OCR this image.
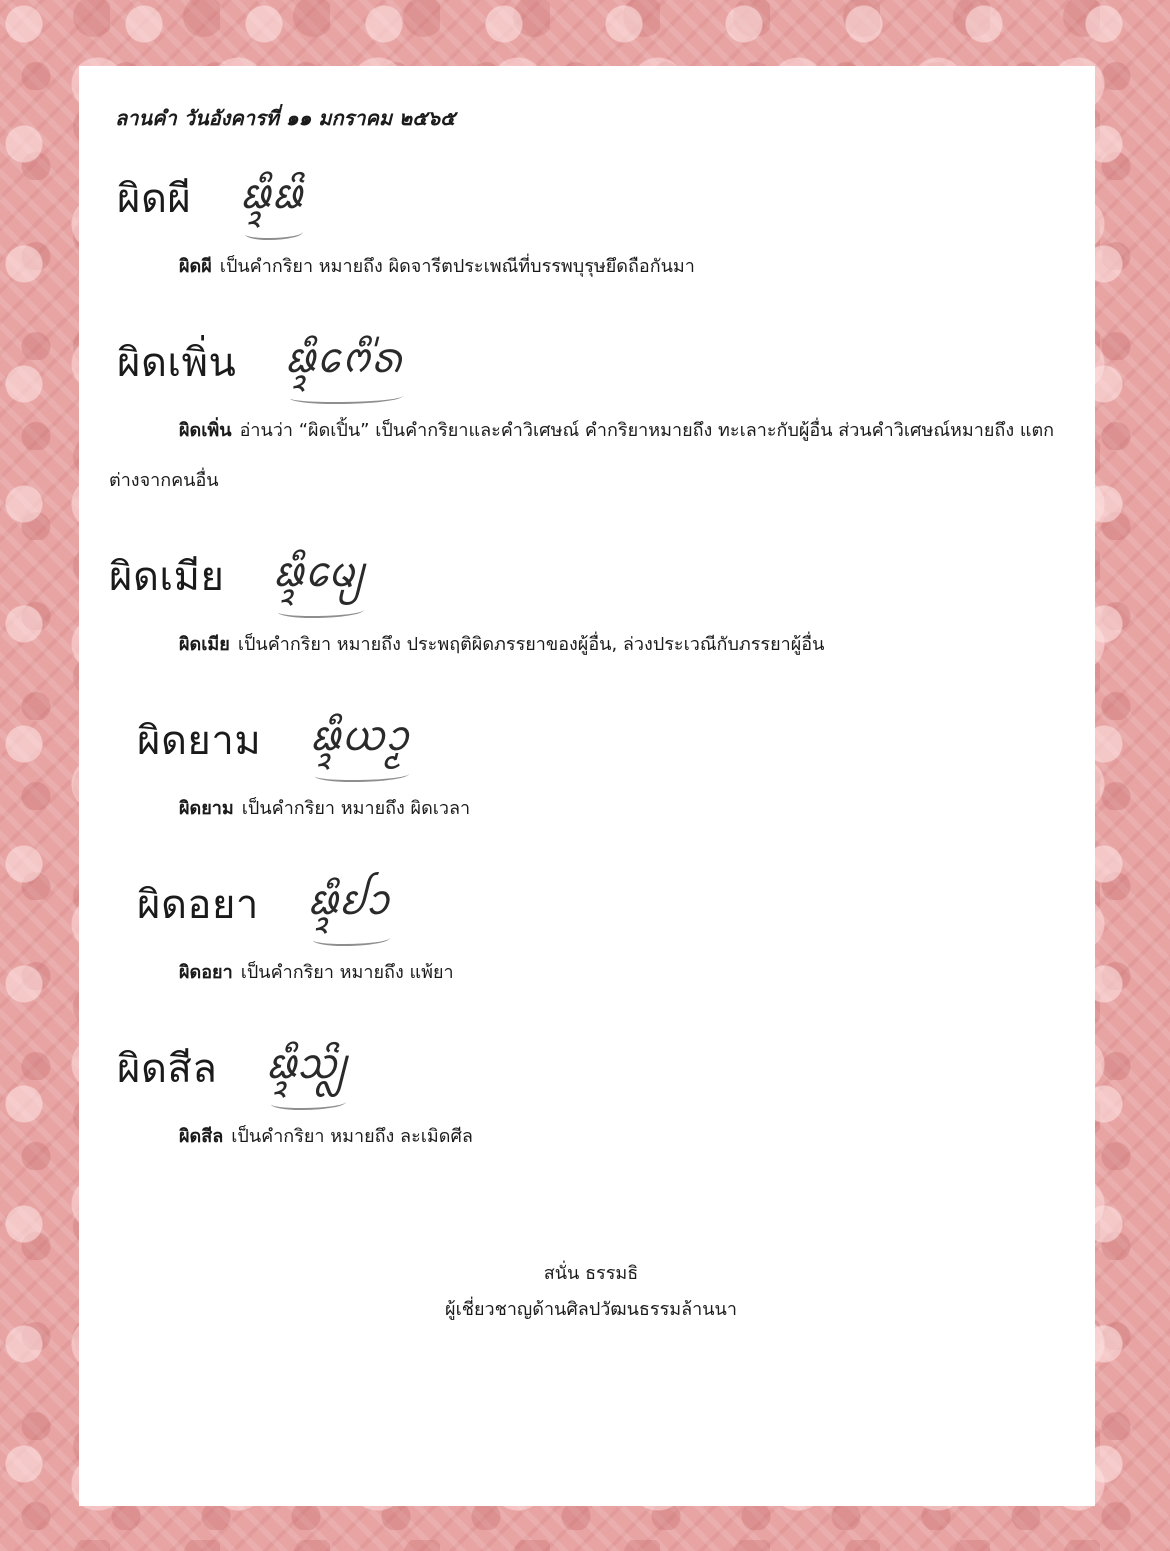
ลานคำ วันอังคารที่ ๑๑ มกราคม ๒๕๖๕
ผิดผี ᨹᩥ᩠ᨯᨹᩦ
ผิดผี เป็นคำกริยา หมายถึง ผิดจารีตประเพณีที่บรรพบุรุษยึดถือกันมา
ผิดเพิ่น ᨹᩥ᩠ᨯᨻᩮᩥ᩵ᩁ
ผิดเพิ่น อ่านว่า “ผิดเปิ้น” เป็นคำกริยาและคำวิเศษณ์ คำกริยาหมายถึง ทะเลาะกับผู้อื่น ส่วนคำวิเศษณ์หมายถึง แตกต่างจากคนอื่น
ผิดเมีย ᨹᩥ᩠ᨯᨾᩮ᩠ᨿ
ผิดเมีย เป็นคำกริยา หมายถึง ประพฤติผิดภรรยาของผู้อื่น, ล่วงประเวณีกับภรรยาผู้อื่น
ผิดยาม ᨹᩥ᩠ᨯᨿᩣ᩠ᨾ
ผิดยาม เป็นคำกริยา หมายถึง ผิดเวลา
ผิดอยา ᨹᩥ᩠ᨯᩀᩣ
ผิดอยา เป็นคำกริยา หมายถึง แพ้ยา
ผิดสีล ᨹᩥ᩠ᨯᩈᩦ᩠ᩃ
ผิดสีล เป็นคำกริยา หมายถึง ละเมิดศีล
สนั่น ธรรมธิ
ผู้เชี่ยวชาญด้านศิลปวัฒนธรรมล้านนา
